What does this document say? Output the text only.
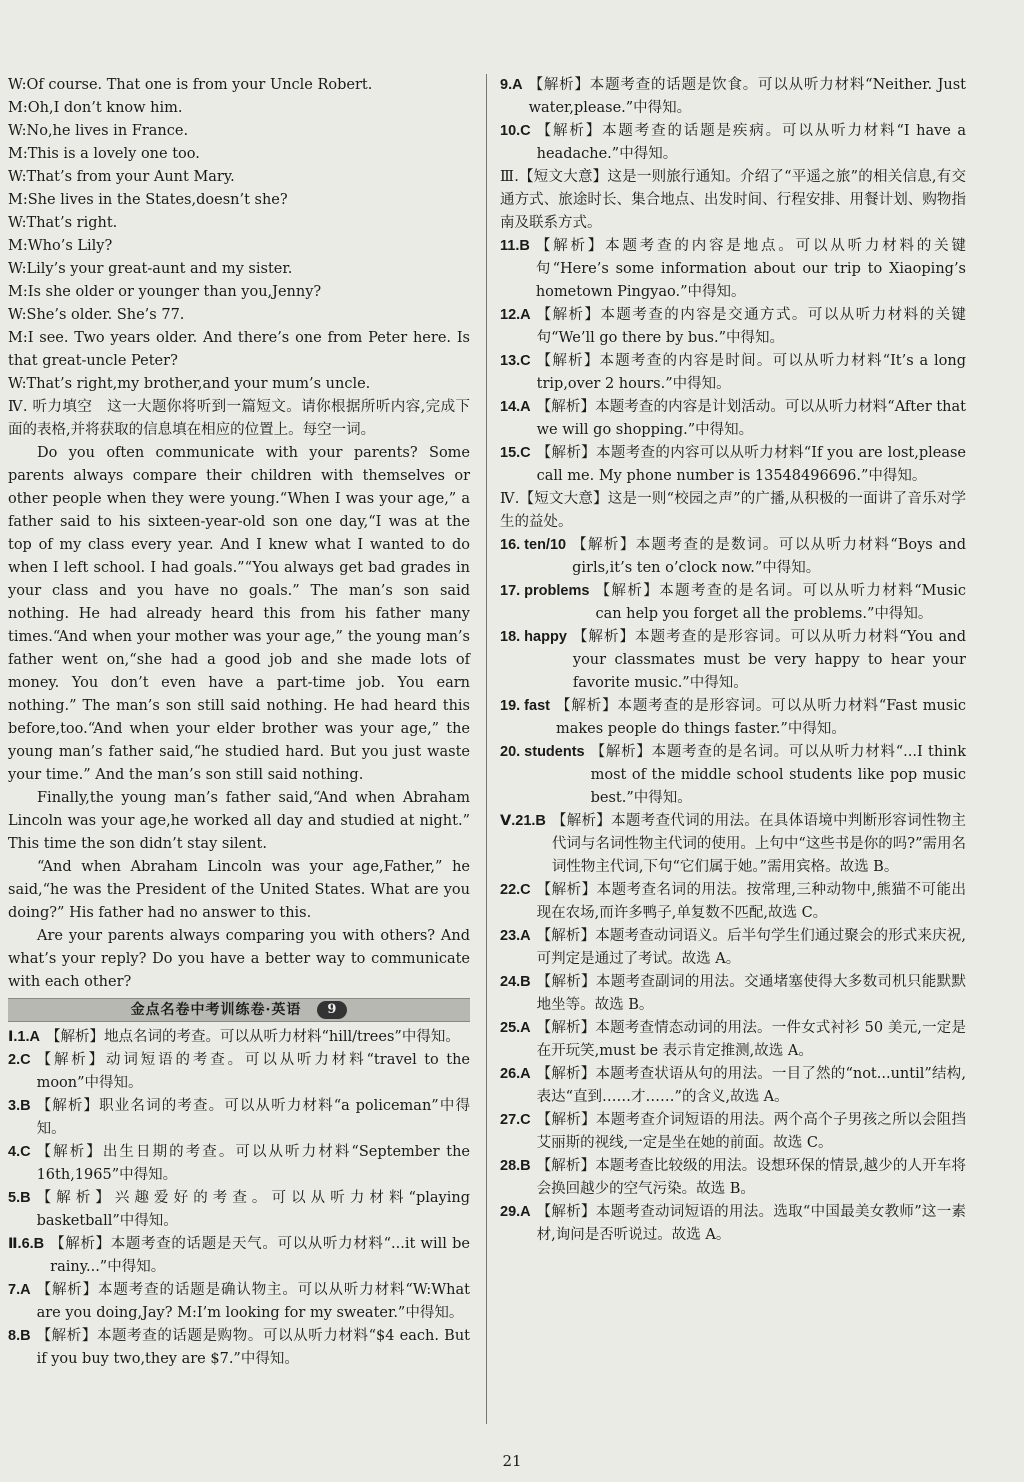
W:Of course. That one is from your Uncle Robert.
M:Oh,I don’t know him.
W:No,he lives in France.
M:This is a lovely one too.
W:That’s from your Aunt Mary.
M:She lives in the States,doesn’t she?
W:That’s right.
M:Who’s Lily?
W:Lily’s your great-aunt and my sister.
M:Is she older or younger than you,Jenny?
W:She’s older. She’s 77.
M:I see. Two years older. And there’s one from Peter here. Is that great-uncle Peter?
W:That’s right,my brother,and your mum’s uncle.
Ⅳ. 听力填空　这一大题你将听到一篇短文。请你根据所听内容,完成下面的表格,并将获取的信息填在相应的位置上。每空一词。
Do you often communicate with your parents? Some parents always compare their children with themselves or other people when they were young.“When I was your age,” a father said to his sixteen-year-old son one day,“I was at the top of my class every year. And I knew what I wanted to do when I left school. I had goals.”“You always get bad grades in your class and you have no goals.” The man’s son said nothing. He had already heard this from his father many times.“And when your mother was your age,” the young man’s father went on,“she had a good job and she made lots of money. You don’t even have a part-time job. You earn nothing.” The man’s son still said nothing. He had heard this before,too.“And when your elder brother was your age,” the young man’s father said,“he studied hard. But you just waste your time.” And the man’s son still said nothing.
Finally,the young man’s father said,“And when Abraham Lincoln was your age,he worked all day and studied at night.” This time the son didn’t stay silent.
“And when Abraham Lincoln was your age,Father,” he said,“he was the President of the United States. What are you doing?” His father had no answer to this.
Are your parents always comparing you with others? And what’s your reply? Do you have a better way to communicate with each other?
金点名卷中考训练卷·英语 9
Ⅰ.1.A 【解析】地点名词的考查。可以从听力材料“hill/trees”中得知。
2.C 【解析】动词短语的考查。可以从听力材料“travel to the moon”中得知。
3.B 【解析】职业名词的考查。可以从听力材料“a policeman”中得知。
4.C 【解析】出生日期的考查。可以从听力材料“September the 16th,1965”中得知。
5.B 【解析】兴趣爱好的考查。可以从听力材料“playing basketball”中得知。
Ⅱ.6.B 【解析】本题考查的话题是天气。可以从听力材料“...it will be rainy...”中得知。
7.A 【解析】本题考查的话题是确认物主。可以从听力材料“W:What are you doing,Jay? M:I’m looking for my sweater.”中得知。
8.B 【解析】本题考查的话题是购物。可以从听力材料“$4 each. But if you buy two,they are $7.”中得知。
9.A 【解析】本题考查的话题是饮食。可以从听力材料“Neither. Just water,please.”中得知。
10.C 【解析】本题考查的话题是疾病。可以从听力材料“I have a headache.”中得知。
Ⅲ.【短文大意】这是一则旅行通知。介绍了“平遥之旅”的相关信息,有交通方式、旅途时长、集合地点、出发时间、行程安排、用餐计划、购物指南及联系方式。
11.B 【解析】本题考查的内容是地点。可以从听力材料的关键句“Here’s some information about our trip to Xiaoping’s hometown Pingyao.”中得知。
12.A 【解析】本题考查的内容是交通方式。可以从听力材料的关键句“We’ll go there by bus.”中得知。
13.C 【解析】本题考查的内容是时间。可以从听力材料“It’s a long trip,over 2 hours.”中得知。
14.A 【解析】本题考查的内容是计划活动。可以从听力材料“After that we will go shopping.”中得知。
15.C 【解析】本题考查的内容可以从听力材料“If you are lost,please call me. My phone number is 13548496696.”中得知。
Ⅳ.【短文大意】这是一则“校园之声”的广播,从积极的一面讲了音乐对学生的益处。
16. ten/10 【解析】本题考查的是数词。可以从听力材料“Boys and girls,it’s ten o’clock now.”中得知。
17. problems 【解析】本题考查的是名词。可以从听力材料“Music can help you forget all the problems.”中得知。
18. happy 【解析】本题考查的是形容词。可以从听力材料“You and your classmates must be very happy to hear your favorite music.”中得知。
19. fast 【解析】本题考查的是形容词。可以从听力材料“Fast music makes people do things faster.”中得知。
20. students 【解析】本题考查的是名词。可以从听力材料“...I think most of the middle school students like pop music best.”中得知。
Ⅴ.21.B 【解析】本题考查代词的用法。在具体语境中判断形容词性物主代词与名词性物主代词的使用。上句中“这些书是你的吗?”需用名词性物主代词,下句“它们属于她。”需用宾格。故选 B。
22.C 【解析】本题考查名词的用法。按常理,三种动物中,熊猫不可能出现在农场,而许多鸭子,单复数不匹配,故选 C。
23.A 【解析】本题考查动词语义。后半句学生们通过聚会的形式来庆祝,可判定是通过了考试。故选 A。
24.B 【解析】本题考查副词的用法。交通堵塞使得大多数司机只能默默地坐等。故选 B。
25.A 【解析】本题考查情态动词的用法。一件女式衬衫 50 美元,一定是在开玩笑,must be 表示肯定推测,故选 A。
26.A 【解析】本题考查状语从句的用法。一目了然的“not...until”结构,表达“直到……才……”的含义,故选 A。
27.C 【解析】本题考查介词短语的用法。两个高个子男孩之所以会阻挡艾丽斯的视线,一定是坐在她的前面。故选 C。
28.B 【解析】本题考查比较级的用法。设想环保的情景,越少的人开车将会换回越少的空气污染。故选 B。
29.A 【解析】本题考查动词短语的用法。选取“中国最美女教师”这一素材,询问是否听说过。故选 A。
21
